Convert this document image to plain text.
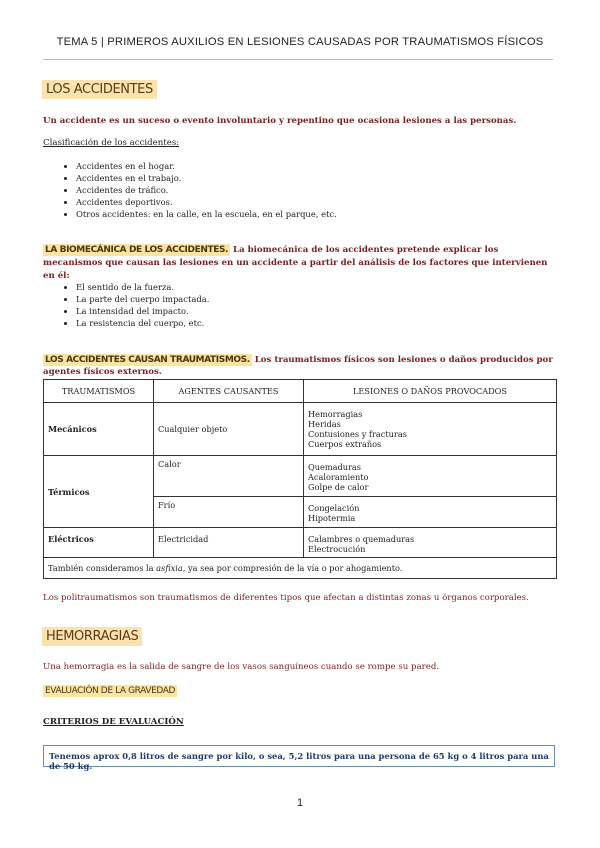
TEMA 5 | PRIMEROS AUXILIOS EN LESIONES CAUSADAS POR TRAUMATISMOS FÍSICOS
LOS ACCIDENTES
Un accidente es un suceso o evento involuntario y repentino que ocasiona lesiones a las personas.
Clasificación de los accidentes:
• Accidentes en el hogar.
• Accidentes en el trabajo.
• Accidentes de tráfico.
• Accidentes deportivos.
• Otros accidentes: en la calle, en la escuela, en el parque, etc.
LA BIOMECÁNICA DE LOS ACCIDENTES. La biomecánica de los accidentes pretende explicar los mecanismos que causan las lesiones en un accidente a partir del análisis de los factores que intervienen en él:
• El sentido de la fuerza.
• La parte del cuerpo impactada.
• La intensidad del impacto.
• La resistencia del cuerpo, etc.
LOS ACCIDENTES CAUSAN TRAUMATISMOS. Los traumatismos físicos son lesiones o daños producidos por agentes físicos externos.
TRAUMATISMOS	AGENTES CAUSANTES	LESIONES O DAÑOS PROVOCADOS
Mecánicos	Cualquier objeto	Hemorragias
Heridas
Contusiones y fracturas
Cuerpos extraños

Térmicos	Calor	Quemaduras
Acaloramiento
Golpe de calor

	Frío	Congelación
Hipotermia

Eléctricos	Electricidad	Calambres o quemaduras
Electrocución

También consideramos la asfixia, ya sea por compresión de la vía o por ahogamiento.		
Los politraumatismos son traumatismos de diferentes tipos que afectan a distintas zonas u órganos corporales.
HEMORRAGIAS
Una hemorragia es la salida de sangre de los vasos sanguíneos cuando se rompe su pared.
EVALUACIÓN DE LA GRAVEDAD
CRITERIOS DE EVALUACIÓN
Tenemos aprox 0,8 litros de sangre por kilo, o sea, 5,2 litros para una persona de 65 kg o 4 litros para una de 50 kg.
1
